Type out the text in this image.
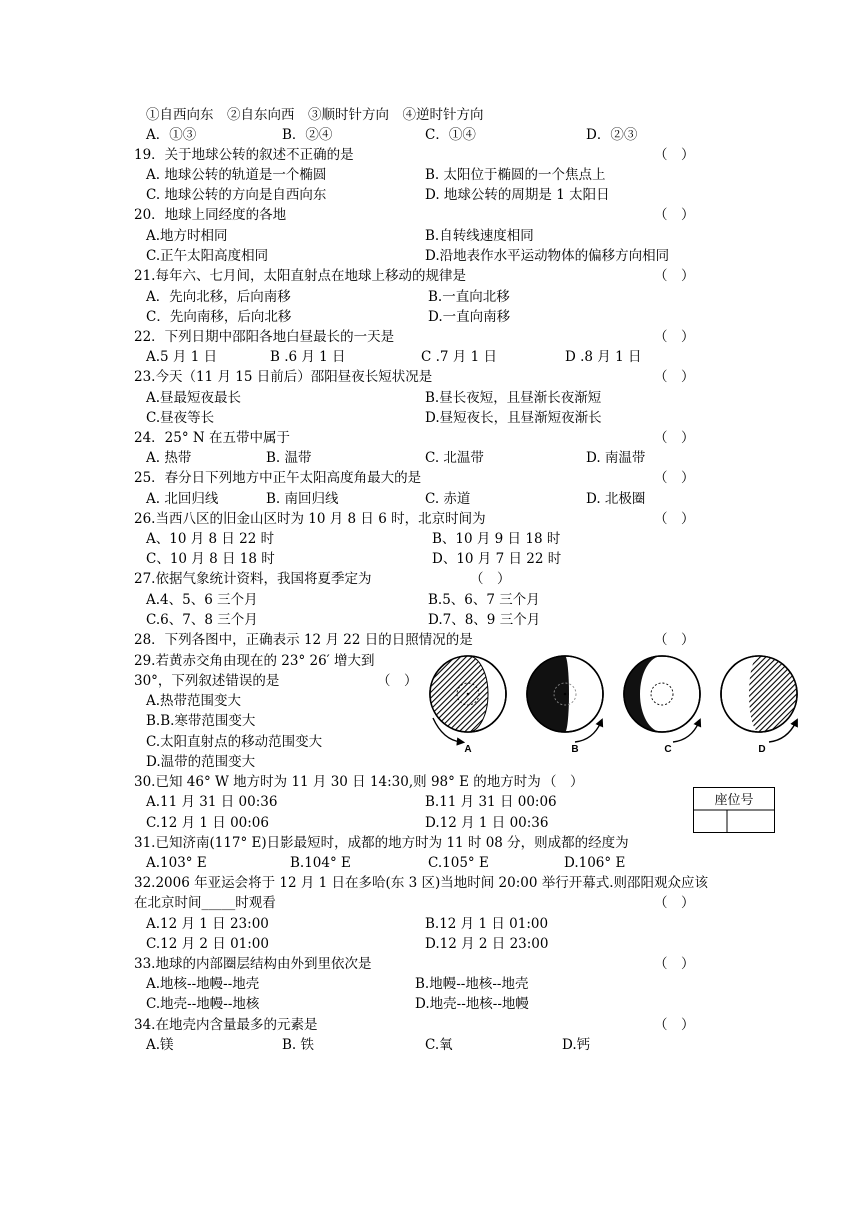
①自西向东　②自东向西　③顺时针方向　④逆时针方向
A．①③	B．②④	C．①④	D．②③
19．关于地球公转的叙述不正确的是	（　）
A. 地球公转的轨道是一个椭圆	B. 太阳位于椭圆的一个焦点上
C. 地球公转的方向是自西向东	D. 地球公转的周期是 1 太阳日
20．地球上同经度的各地	（　）
A.地方时相同	B.自转线速度相同
C.正午太阳高度相同	D.沿地表作水平运动物体的偏移方向相同
21.每年六、七月间，太阳直射点在地球上移动的规律是	（　）
A．先向北移，后向南移	B.一直向北移
C．先向南移，后向北移	D.一直向南移
22．下列日期中邵阳各地白昼最长的一天是	（　）
A.5 月 1 日	B .6 月 1 日	C .7 月 1 日	D .8 月 1 日
23.今天（11 月 15 日前后）邵阳昼夜长短状况是	（　）
A.昼最短夜最长	B.昼长夜短，且昼渐长夜渐短
C.昼夜等长	D.昼短夜长，且昼渐短夜渐长
24．25° N 在五带中属于	（　）
A. 热带	B. 温带	C. 北温带	D. 南温带
25．春分日下列地方中正午太阳高度角最大的是	（　）
A. 北回归线	B. 南回归线	C. 赤道	D. 北极圈
26.当西八区的旧金山区时为 10 月 8 日 6 时，北京时间为	（　）
A、10 月 8 日 22 时	B、10 月 9 日 18 时
C、10 月 8 日 18 时	D、10 月 7 日 22 时
27.依据气象统计资料，我国将夏季定为	（　）
A.4、5、6 三个月	B.5、6、7 三个月
C.6、7、8 三个月	D.7、8、9 三个月
28．下列各图中，正确表示 12 月 22 日的日照情况的是	（　）
29.若黄赤交角由现在的 23° 26′ 增大到
30°，下列叙述错误的是	（　）
A.热带范围变大
B.B.寒带范围变大
C.太阳直射点的移动范围变大
D.温带的范围变大
A	B	C	D
座位号
30.已知 46° W 地方时为 11 月 30 日 14:30,则 98° E 的地方时为 （　）
A.11 月 31 日 00:36	B.11 月 31 日 00:06
C.12 月 1 日 00:06	D.12 月 1 日 00:36
31.已知济南(117° E)日影最短时，成都的地方时为 11 时 08 分，则成都的经度为
A.103° E	B.104° E	C.105° E	D.106° E
32.2006 年亚运会将于 12 月 1 日在多哈(东 3 区)当地时间 20:00 举行开幕式.则邵阳观众应该
在北京时间_____时观看	（　）
A.12 月 1 日 23:00	B.12 月 1 日 01:00
C.12 月 2 日 01:00	D.12 月 2 日 23:00
33.地球的内部圈层结构由外到里依次是	（　）
A.地核--地幔--地壳	B.地幔--地核--地壳
C.地壳--地幔--地核	D.地壳--地核--地幔
34.在地壳内含量最多的元素是	（　）
A.镁	B. 铁	C.氧	D.钙
